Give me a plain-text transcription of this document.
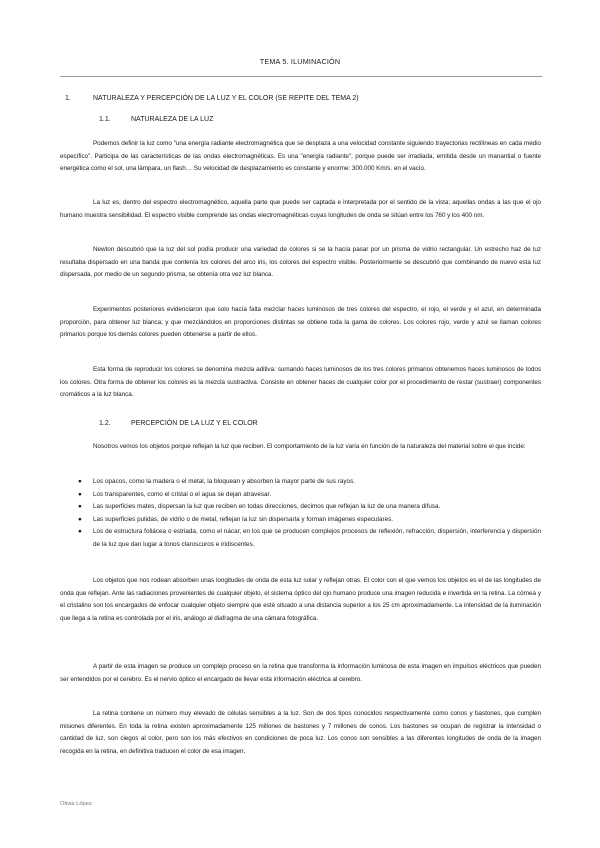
TEMA 5. ILUMINACIÓN
1.	NATURALEZA Y PERCEPCIÓN DE LA LUZ Y EL COLOR (SE REPITE DEL TEMA 2)
1.1.	NATURALEZA DE LA LUZ

Podemos definir la luz como "una energía radiante electromagnética que se desplaza a una velocidad constante siguiendo trayectorias rectilíneas en cada medio específico". Participa de las características de las ondas electromagnéticas. Es una "energía radiante", porque puede ser irradiada, emitida desde un manantial o fuente energética como el sol, una lámpara, un flash… Su velocidad de desplazamiento es constante y enorme: 300.000 Km/s. en el vacío.

La luz es, dentro del espectro electromagnético, aquella parte que puede ser captada e interpretada por el sentido de la vista; aquellas ondas a las que el ojo humano muestra sensibilidad. El espectro visible comprende las ondas electromagnéticas cuyas longitudes de onda se sitúan entre los 760 y los 400 nm.

Newton descubrió que la luz del sol podía producir una variedad de colores si se la hacía pasar por un prisma de vidrio rectangular. Un estrecho haz de luz resultaba dispersado en una banda que contenía los colores del arco iris, los colores del espectro visible. Posteriormente se descubrió que combinando de nuevo esta luz dispersada, por medio de un segundo prisma, se obtenía otra vez luz blanca.

Experimentos posteriores evidenciaron que solo hacía falta mezclar haces luminosos de tres colores del espectro, el rojo, el verde y el azul, en determinada proporción, para obtener luz blanca; y que mezclándolos en proporciones distintas se obtiene toda la gama de colores. Los colores rojo, verde y azul se llaman colores primarios porque los demás colores pueden obtenerse a partir de ellos.

Esta forma de reproducir los colores se denomina mezcla aditiva: sumando haces luminosos de los tres colores primarios obtenemos haces luminosos de todos los colores. Otra forma de obtener los colores es la mezcla sustractiva. Consiste en obtener haces de cualquier color por el procedimiento de restar (sustraer) componentes cromáticos a la luz blanca.

1.2.	PERCEPCIÓN DE LA LUZ Y EL COLOR

Nosotros vemos los objetos porque reflejan la luz que reciben. El comportamiento de la luz varía en función de la naturaleza del material sobre el que incide:

● Los opacos, como la madera o el metal, la bloquean y absorben la mayor parte de sus rayos.
● Los transparentes, como el cristal o el agua se dejan atravesar.
● Las superficies mates, dispersan la luz que reciben en todas direcciones, decimos que reflejan la luz de una manera difusa.
● Las superficies pulidas, de vidrio o de metal, reflejan la luz sin dispersarla y forman imágenes especulares.
● Los de estructura foliácea o estriada, como el nácar, en los que se producen complejos procesos de reflexión, refracción, dispersión, interferencia y dispersión de la luz que dan lugar a tonos claroscuros e iridiscentes.

Los objetos que nos rodean absorben unas longitudes de onda de esta luz solar y reflejan otras. El color con el que vemos los objetos es el de las longitudes de onda que reflejan. Ante las radiaciones provenientes de cualquier objeto, el sistema óptico del ojo humano produce una imagen reducida e invertida en la retina. La córnea y el cristalino son los encargados de enfocar cualquier objeto siempre que esté situado a una distancia superior a los 25 cm aproximadamente. La intensidad de la iluminación que llega a la retina es controlada por el iris, análogo al diafragma de una cámara fotográfica.

A partir de esta imagen se produce un complejo proceso en la retina que transforma la información luminosa de esta imagen en impulsos eléctricos que pueden ser entendidos por el cerebro. Es el nervio óptico el encargado de llevar esta información eléctrica al cerebro.

La retina contiene un número muy elevado de células sensibles a la luz. Son de dos tipos conocidos respectivamente como conos y bastones, que cumplen misiones diferentes. En toda la retina existen aproximadamente 125 millones de bastones y 7 millones de conos. Los bastones se ocupan de registrar la intensidad o cantidad de luz, son ciegos al color, pero son los más efectivos en condiciones de poca luz. Los conos son sensibles a las diferentes longitudes de onda de la imagen recogida en la retina, en definitiva traducen el color de esa imagen.

Olivia López
